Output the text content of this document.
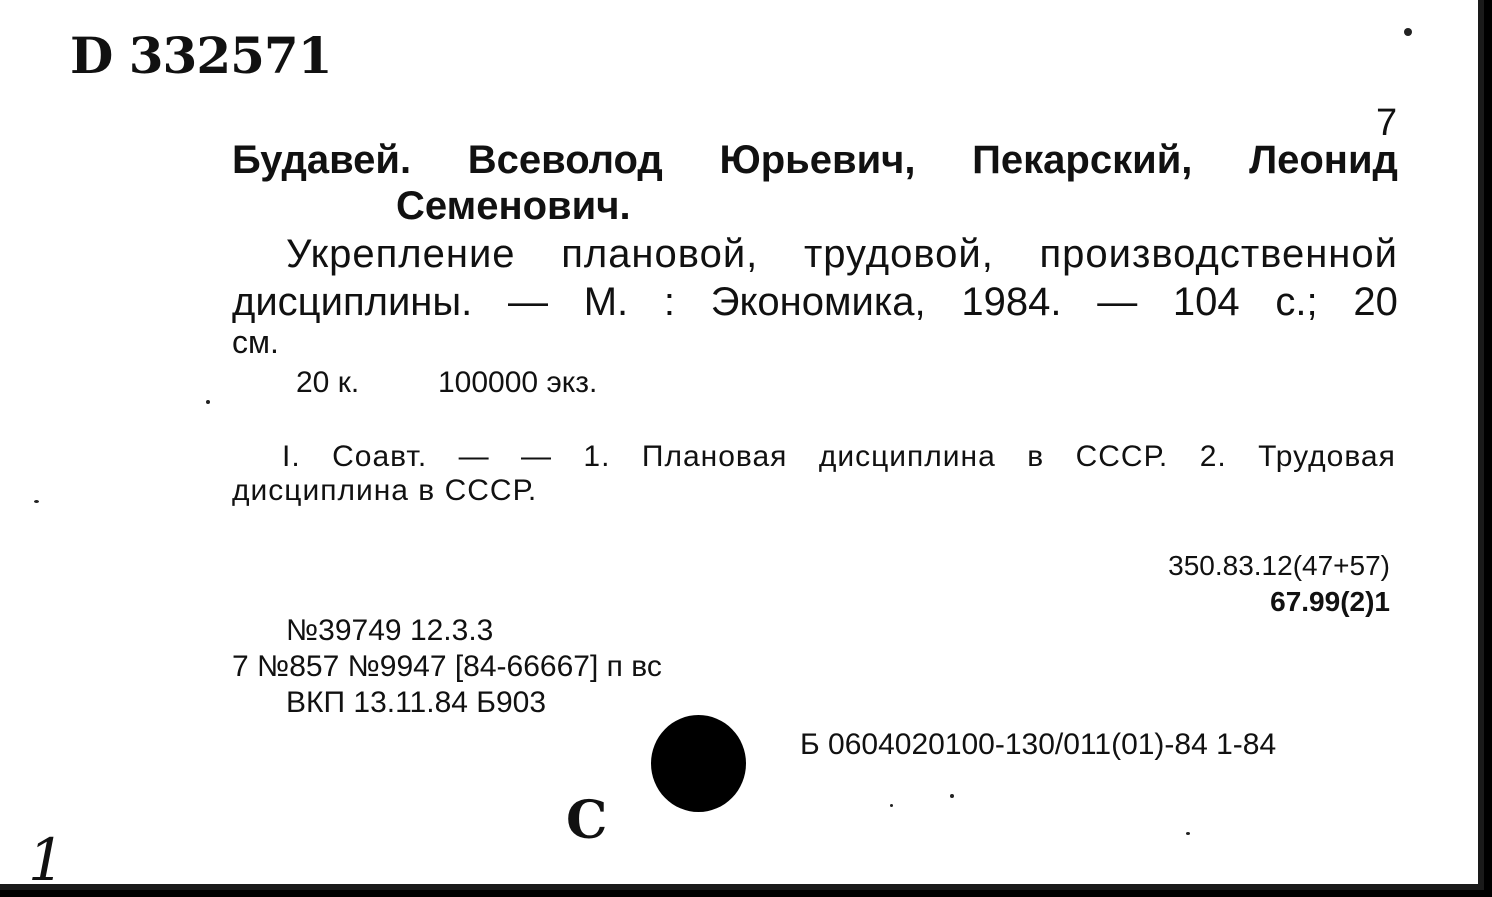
D 332571
7
Будавей. Всеволод Юрьевич, Пекарский, Леонид
Семенович.
Укрепление плановой, трудовой, производственной
дисциплины. — М. : Экономика, 1984. — 104 с.; 20
см.
20 к.	100000 экз.
I. Соавт. — — 1. Плановая дисциплина в СССР. 2. Трудовая
дисциплина в СССР.
350.83.12(47+57)
67.99(2)1
№39749 12.3.3
7 №857 №9947 [84-66667] п вс
ВКП 13.11.84 Б903
Б 0604020100-130/011(01)-84 1-84
С
1
